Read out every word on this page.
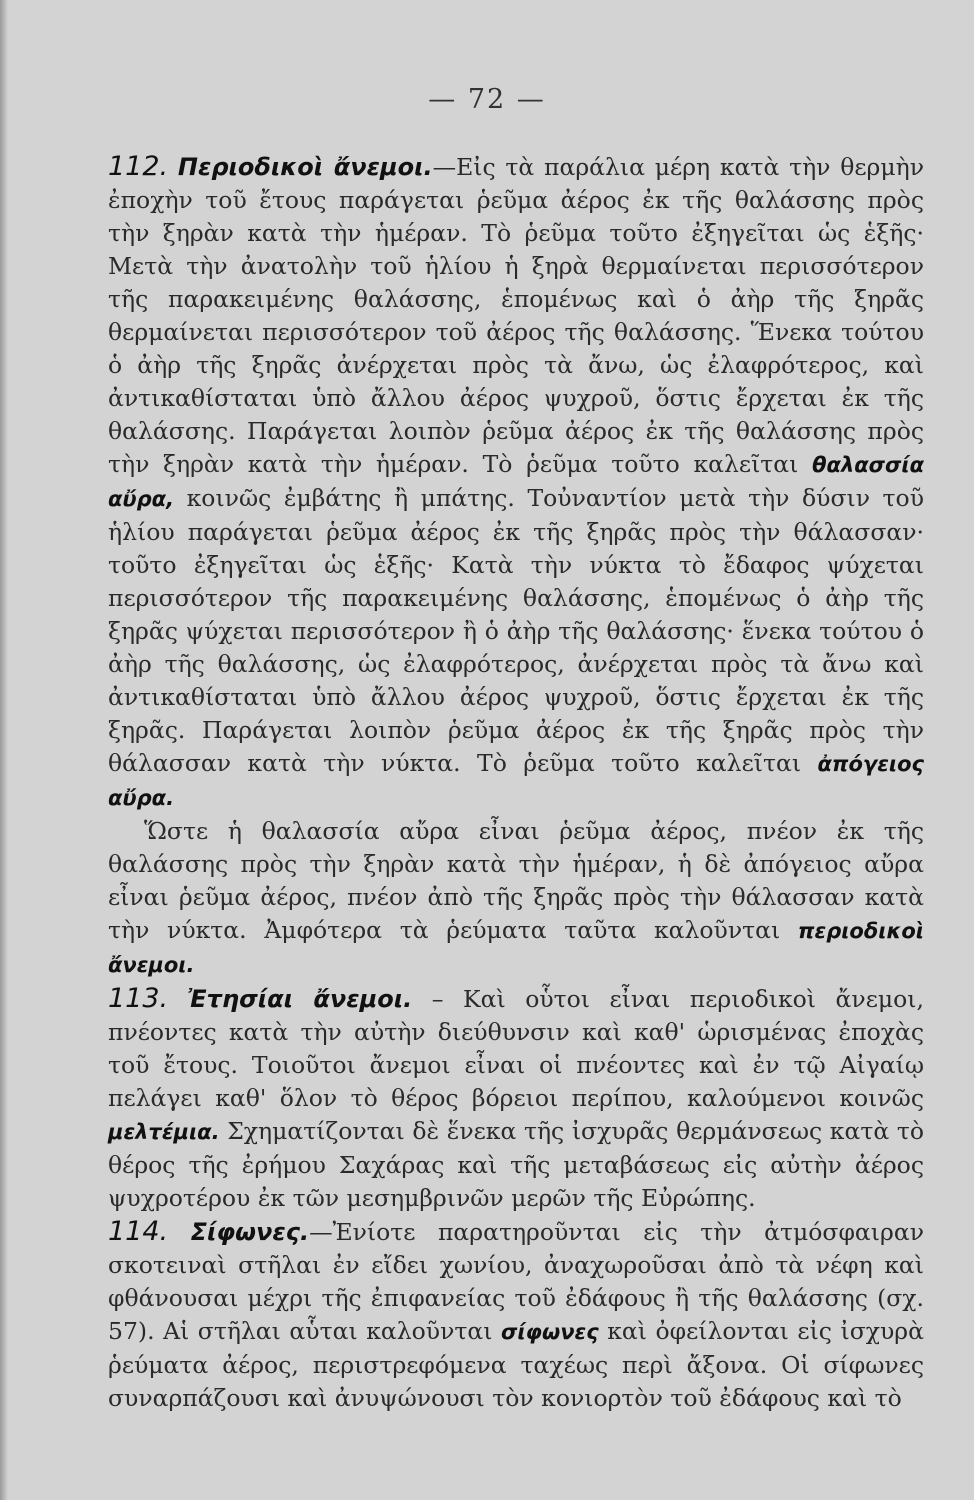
— 72 —

112. Περιοδικοὶ ἄνεμοι.—Εἰς τὰ παράλια μέρη κατὰ τὴν θερμὴν ἐποχὴν τοῦ ἔτους παράγεται ῥεῦμα ἀέρος ἐκ τῆς θαλάσσης πρὸς τὴν ξηρὰν κατὰ τὴν ἡμέραν. Τὸ ῥεῦμα τοῦτο ἐξηγεῖται ὡς ἑξῆς· Μετὰ τὴν ἀνατολὴν τοῦ ἡλίου ἡ ξηρὰ θερμαίνεται περισσότερον τῆς παρακειμένης θαλάσσης, ἑπομένως καὶ ὁ ἀὴρ τῆς ξηρᾶς θερμαίνεται περισσότερον τοῦ ἀέρος τῆς θαλάσσης. Ἕνεκα τούτου ὁ ἀὴρ τῆς ξηρᾶς ἀνέρχεται πρὸς τὰ ἄνω, ὡς ἐλαφρότερος, καὶ ἀντικαθίσταται ὑπὸ ἄλλου ἀέρος ψυχροῦ, ὅστις ἔρχεται ἐκ τῆς θαλάσσης. Παράγεται λοιπὸν ῥεῦμα ἀέρος ἐκ τῆς θαλάσσης πρὸς τὴν ξηρὰν κατὰ τὴν ἡμέραν. Τὸ ῥεῦμα τοῦτο καλεῖται θαλασσία αὔρα, κοινῶς ἐμβάτης ἢ μπάτης. Τοὐναντίον μετὰ τὴν δύσιν τοῦ ἡλίου παράγεται ῥεῦμα ἀέρος ἐκ τῆς ξηρᾶς πρὸς τὴν θάλασσαν· τοῦτο ἐξηγεῖται ὡς ἑξῆς· Κατὰ τὴν νύκτα τὸ ἔδαφος ψύχεται περισσότερον τῆς παρακειμένης θαλάσσης, ἑπομένως ὁ ἀὴρ τῆς ξηρᾶς ψύχεται περισσότερον ἢ ὁ ἀὴρ τῆς θαλάσσης· ἕνεκα τούτου ὁ ἀὴρ τῆς θαλάσσης, ὡς ἐλαφρότερος, ἀνέρχεται πρὸς τὰ ἄνω καὶ ἀντικαθίσταται ὑπὸ ἄλλου ἀέρος ψυχροῦ, ὅστις ἔρχεται ἐκ τῆς ξηρᾶς. Παράγεται λοιπὸν ῥεῦμα ἀέρος ἐκ τῆς ξηρᾶς πρὸς τὴν θάλασσαν κατὰ τὴν νύκτα. Τὸ ῥεῦμα τοῦτο καλεῖται ἀπόγειος αὔρα.

Ὥστε ἡ θαλασσία αὔρα εἶναι ῥεῦμα ἀέρος, πνέον ἐκ τῆς θαλάσσης πρὸς τὴν ξηρὰν κατὰ τὴν ἡμέραν, ἡ δὲ ἀπόγειος αὔρα εἶναι ῥεῦμα ἀέρος, πνέον ἀπὸ τῆς ξηρᾶς πρὸς τὴν θάλασσαν κατὰ τὴν νύκτα. Ἀμφότερα τὰ ῥεύματα ταῦτα καλοῦνται περιοδικοὶ ἄνεμοι.

113. Ἐτησίαι ἄνεμοι. – Καὶ οὗτοι εἶναι περιοδικοὶ ἄνεμοι, πνέοντες κατὰ τὴν αὐτὴν διεύθυνσιν καὶ καθ' ὡρισμένας ἐποχὰς τοῦ ἔτους. Τοιοῦτοι ἄνεμοι εἶναι οἱ πνέοντες καὶ ἐν τῷ Αἰγαίῳ πελάγει καθ' ὅλον τὸ θέρος βόρειοι περίπου, καλούμενοι κοινῶς μελτέμια. Σχηματίζονται δὲ ἕνεκα τῆς ἰσχυρᾶς θερμάνσεως κατὰ τὸ θέρος τῆς ἐρήμου Σαχάρας καὶ τῆς μεταβάσεως εἰς αὐτὴν ἀέρος ψυχροτέρου ἐκ τῶν μεσημβρινῶν μερῶν τῆς Εὐρώπης.

114. Σίφωνες.—Ἐνίοτε παρατηροῦνται εἰς τὴν ἀτμόσφαιραν σκοτειναὶ στῆλαι ἐν εἴδει χωνίου, ἀναχωροῦσαι ἀπὸ τὰ νέφη καὶ φθάνουσαι μέχρι τῆς ἐπιφανείας τοῦ ἐδάφους ἢ τῆς θαλάσσης (σχ. 57). Αἱ στῆλαι αὗται καλοῦνται σίφωνες καὶ ὀφείλονται εἰς ἰσχυρὰ ῥεύματα ἀέρος, περιστρεφόμενα ταχέως περὶ ἄξονα. Οἱ σίφωνες συναρπάζουσι καὶ ἀνυψώνουσι τὸν κονιορτὸν τοῦ ἐδάφους καὶ τὸ
